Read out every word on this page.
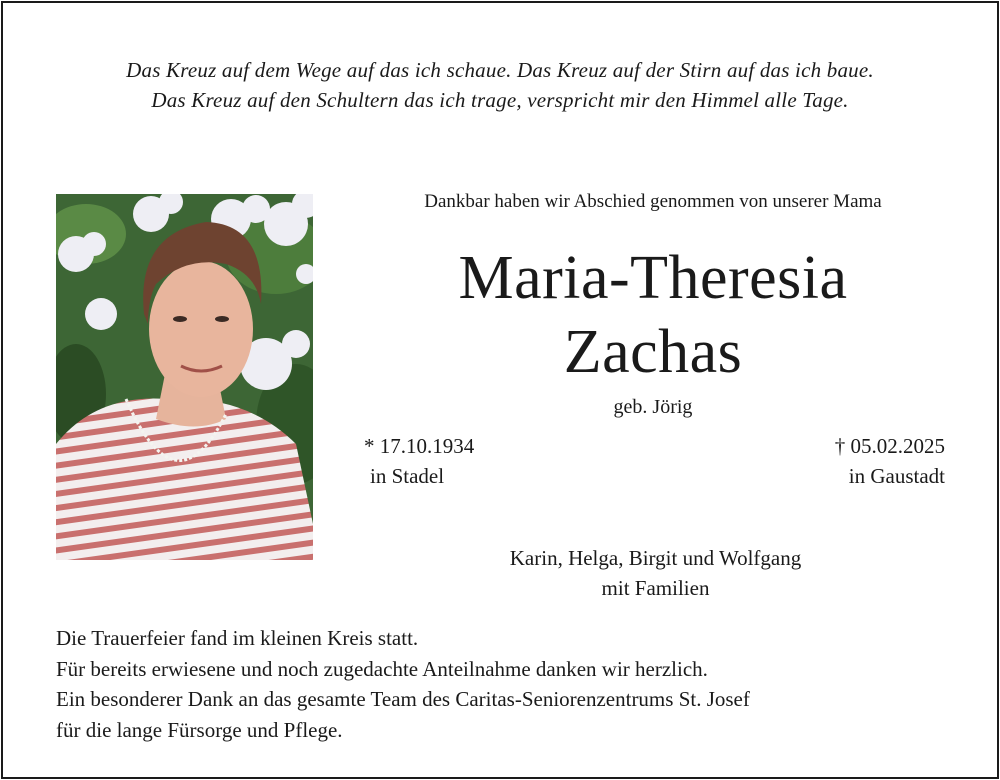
Das Kreuz auf dem Wege auf das ich schaue. Das Kreuz auf der Stirn auf das ich baue.
Das Kreuz auf den Schultern das ich trage, verspricht mir den Himmel alle Tage.
Dankbar haben wir Abschied genommen von unserer Mama
Maria-Theresia
Zachas
geb. Jörig
* 17.10.1934
in Stadel
† 05.02.2025
in Gaustadt
Karin, Helga, Birgit und Wolfgang
mit Familien
Die Trauerfeier fand im kleinen Kreis statt.
Für bereits erwiesene und noch zugedachte Anteilnahme danken wir herzlich.
Ein besonderer Dank an das gesamte Team des Caritas-Seniorenzentrums St. Josef
für die lange Fürsorge und Pflege.
